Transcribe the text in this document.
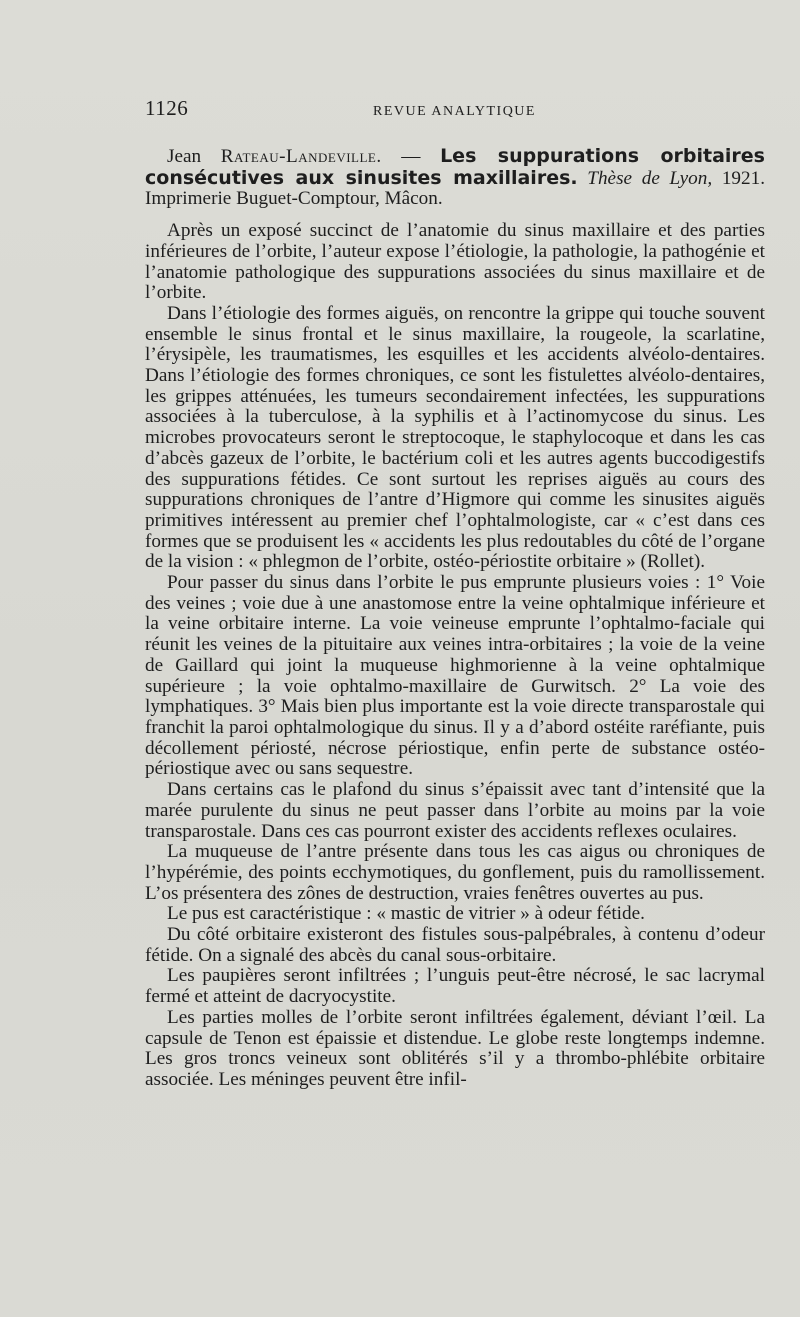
1126	REVUE ANALYTIQUE

Jean Rateau-Landeville. — Les suppurations orbitaires consécutives aux sinusites maxillaires. Thèse de Lyon, 1921. Imprimerie Buguet-Comptour, Mâcon.

Après un exposé succinct de l’anatomie du sinus maxillaire et des parties inférieures de l’orbite, l’auteur expose l’étiologie, la pathologie, la pathogénie et l’anatomie pathologique des suppurations associées du sinus maxillaire et de l’orbite.

Dans l’étiologie des formes aiguës, on rencontre la grippe qui touche souvent ensemble le sinus frontal et le sinus maxillaire, la rougeole, la scarlatine, l’érysipèle, les traumatismes, les esquilles et les accidents alvéolo-dentaires. Dans l’étiologie des formes chroniques, ce sont les fistulettes alvéolo-dentaires, les grippes atténuées, les tumeurs secondairement infectées, les suppurations associées à la tuberculose, à la syphilis et à l’actinomycose du sinus. Les microbes provocateurs seront le streptocoque, le staphylocoque et dans les cas d’abcès gazeux de l’orbite, le bactérium coli et les autres agents buccodigestifs des suppurations fétides. Ce sont surtout les reprises aiguës au cours des suppurations chroniques de l’antre d’Higmore qui comme les sinusites aiguës primitives intéressent au premier chef l’ophtalmologiste, car « c’est dans ces formes que se produisent les « accidents les plus redoutables du côté de l’organe de la vision : « phlegmon de l’orbite, ostéo-périostite orbitaire » (Rollet).

Pour passer du sinus dans l’orbite le pus emprunte plusieurs voies : 1° Voie des veines ; voie due à une anastomose entre la veine ophtalmique inférieure et la veine orbitaire interne. La voie veineuse emprunte l’ophtalmo-faciale qui réunit les veines de la pituitaire aux veines intra-orbitaires ; la voie de la veine de Gaillard qui joint la muqueuse highmorienne à la veine ophtalmique supérieure ; la voie ophtalmo-maxillaire de Gurwitsch. 2° La voie des lymphatiques. 3° Mais bien plus importante est la voie directe transparostale qui franchit la paroi ophtalmologique du sinus. Il y a d’abord ostéite raréfiante, puis décollement périosté, nécrose périostique, enfin perte de substance ostéo-périostique avec ou sans sequestre.

Dans certains cas le plafond du sinus s’épaissit avec tant d’intensité que la marée purulente du sinus ne peut passer dans l’orbite au moins par la voie transparostale. Dans ces cas pourront exister des accidents reflexes oculaires.

La muqueuse de l’antre présente dans tous les cas aigus ou chroniques de l’hypérémie, des points ecchymotiques, du gonflement, puis du ramollissement. L’os présentera des zônes de destruction, vraies fenêtres ouvertes au pus.

Le pus est caractéristique : « mastic de vitrier » à odeur fétide.

Du côté orbitaire existeront des fistules sous-palpébrales, à contenu d’odeur fétide. On a signalé des abcès du canal sous-orbitaire.

Les paupières seront infiltrées ; l’unguis peut-être nécrosé, le sac lacrymal fermé et atteint de dacryocystite.

Les parties molles de l’orbite seront infiltrées également, déviant l’œil. La capsule de Tenon est épaissie et distendue. Le globe reste longtemps indemne. Les gros troncs veineux sont oblitérés s’il y a thrombo-phlébite orbitaire associée. Les méninges peuvent être infil-
